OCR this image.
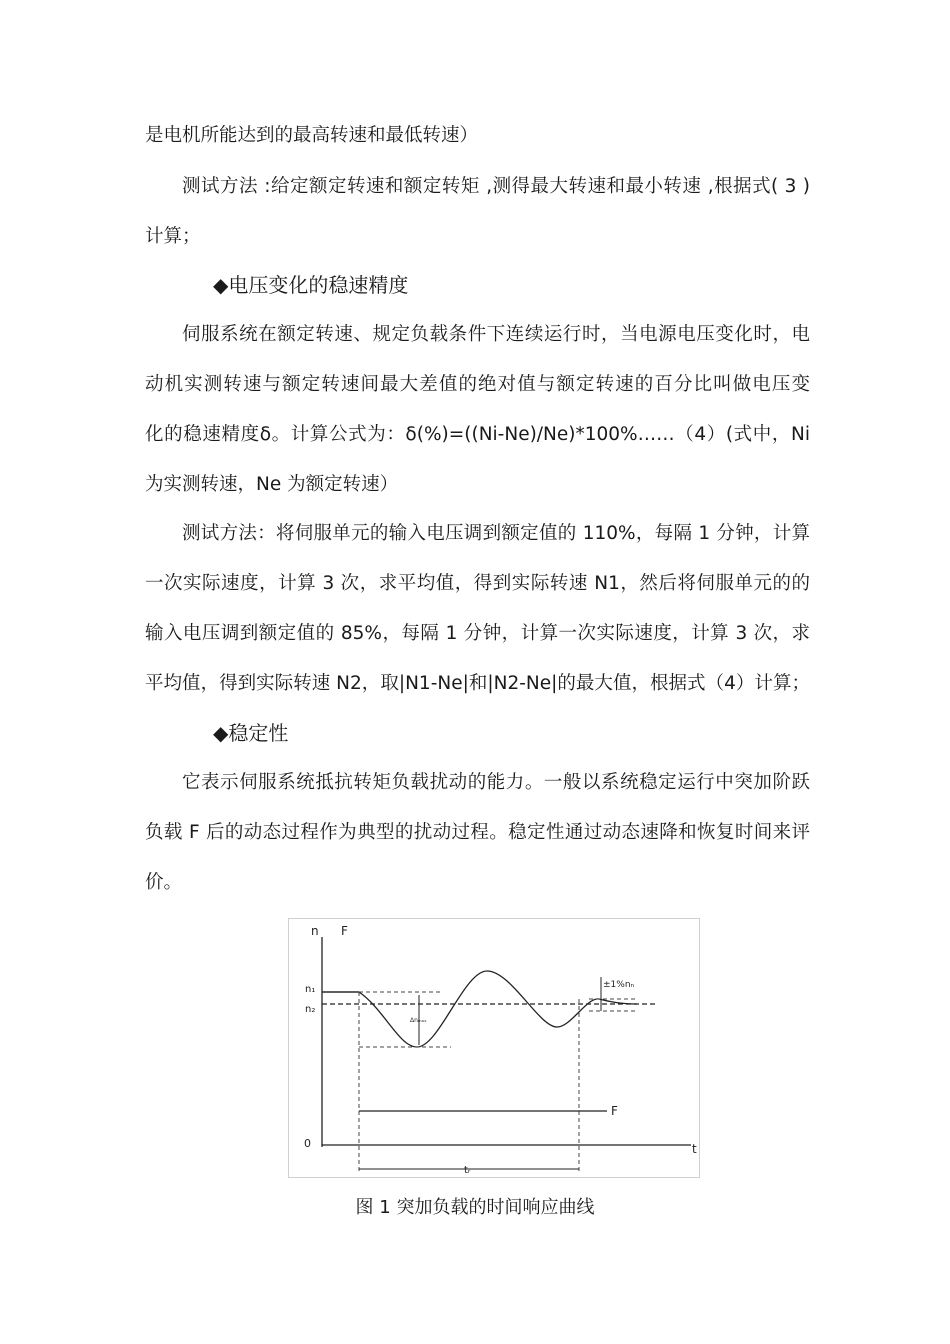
是电机所能达到的最高转速和最低转速）
测试方法 :给定额定转速和额定转矩 ,测得最大转速和最小转速 ,根据式( 3 )
计算；
◆电压变化的稳速精度
伺服系统在额定转速、规定负载条件下连续运行时，当电源电压变化时，电
动机实测转速与额定转速间最大差值的绝对值与额定转速的百分比叫做电压变
化的稳速精度δ。计算公式为：δ(%)=((Ni-Ne)/Ne)*100%……（4）(式中，Ni
为实测转速，Ne 为额定转速）
测试方法：将伺服单元的输入电压调到额定值的 110%，每隔 1 分钟，计算
一次实际速度，计算 3 次，求平均值，得到实际转速 N1，然后将伺服单元的的
输入电压调到额定值的 85%，每隔 1 分钟，计算一次实际速度，计算 3 次，求
平均值，得到实际转速 N2，取|N1-Ne|和|N2-Ne|的最大值，根据式（4）计算；
◆稳定性
它表示伺服系统抵抗转矩负载扰动的能力。一般以系统稳定运行中突加阶跃
负载 F 后的动态过程作为典型的扰动过程。稳定性通过动态速降和恢复时间来评
价。
n F
n₁
n₂
0	t
Δnₘₐₓ
±1%nₙ
F
tᵣ
图 1 突加负载的时间响应曲线
